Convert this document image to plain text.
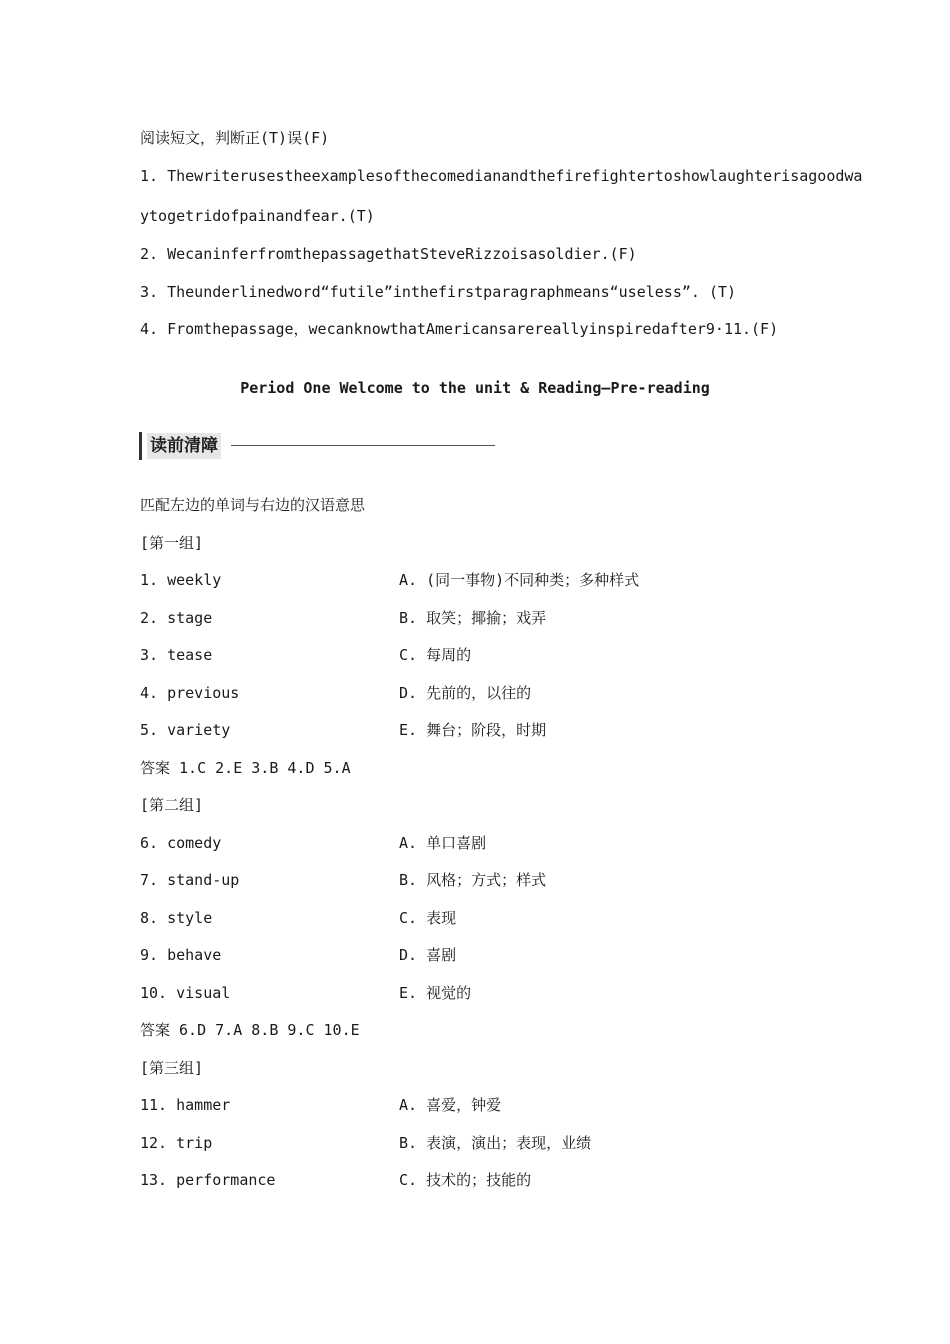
阅读短文，判断正(T)误(F)
1. Thewriterusestheexamplesofthecomedianandthefirefightertoshowlaughterisagoodwa
ytogetridofpainandfear.(T)
2. WecaninferfromthepassagethatSteveRizzoisasoldier.(F)
3. Theunderlinedword“futile”inthefirstparagraphmeans“useless”. (T)
4. Fromthepassage，wecanknowthatAmericansarereallyinspiredafter9·11.(F)
Period One Welcome to the unit & Reading—Pre-reading
读前清障
匹配左边的单词与右边的汉语意思
[第一组]
1. weekly	A. (同一事物)不同种类；多种样式
2. stage	B. 取笑；揶揄；戏弄
3. tease	C. 每周的
4. previous	D. 先前的，以往的
5. variety	E. 舞台；阶段，时期
答案 1.C 2.E 3.B 4.D 5.A
[第二组]
6. comedy	A. 单口喜剧
7. stand-up	B. 风格；方式；样式
8. style	C. 表现
9. behave	D. 喜剧
10. visual	E. 视觉的
答案 6.D 7.A 8.B 9.C 10.E
[第三组]
11. hammer	A. 喜爱，钟爱
12. trip	B. 表演，演出；表现，业绩
13. performance	C. 技术的；技能的
